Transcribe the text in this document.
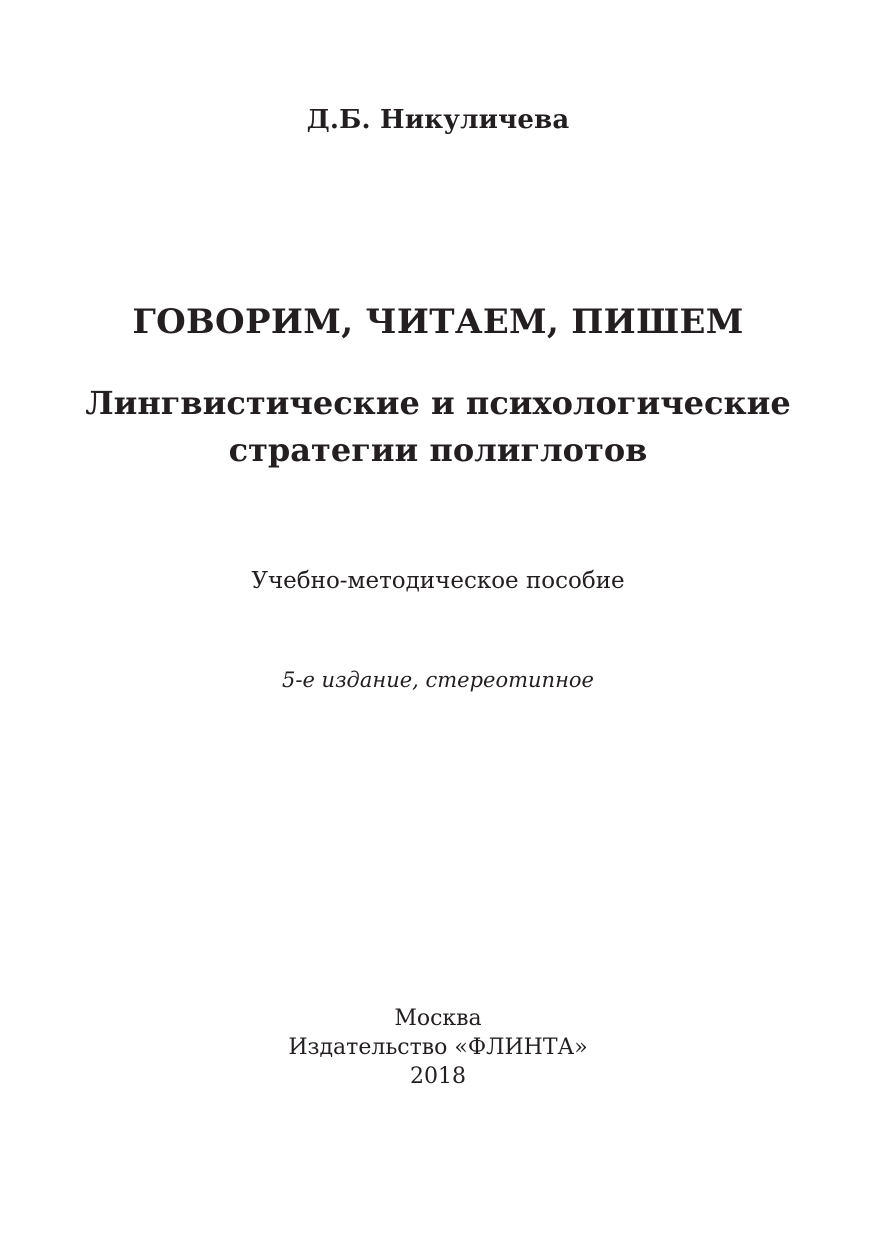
Д.Б. Никуличева
ГОВОРИМ, ЧИТАЕМ, ПИШЕМ
Лингвистические и психологические
стратегии полиглотов
Учебно-методическое пособие
5-е издание, стереотипное
Москва
Издательство «ФЛИНТА»
2018
